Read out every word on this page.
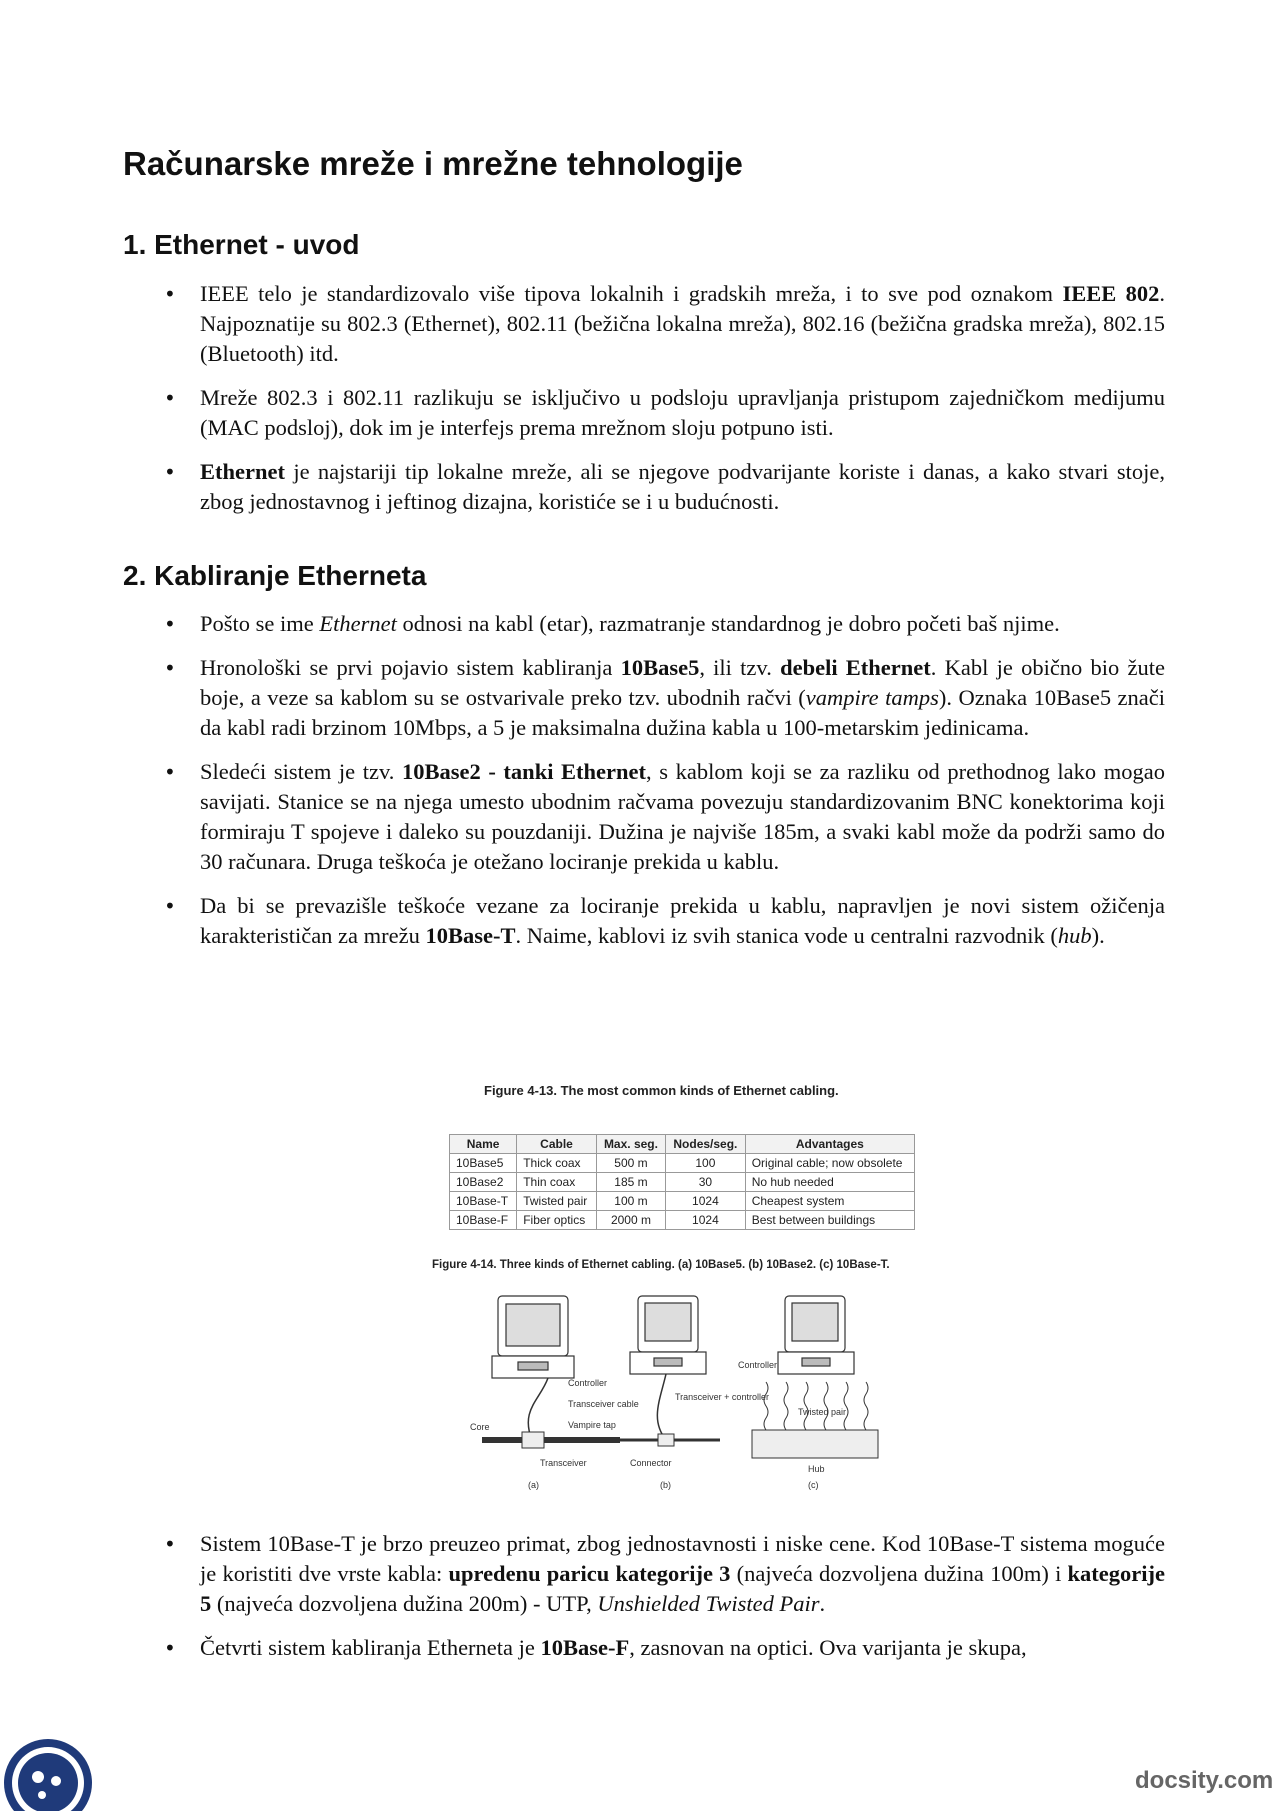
Računarske mreže i mrežne tehnologije
1. Ethernet - uvod

• IEEE telo je standardizovalo više tipova lokalnih i gradskih mreža, i to sve pod oznakom IEEE 802. Najpoznatije su 802.3 (Ethernet), 802.11 (bežična lokalna mreža), 802.16 (bežična gradska mreža), 802.15 (Bluetooth) itd.

• Mreže 802.3 i 802.11 razlikuju se isključivo u podsloju upravljanja pristupom zajedničkom medijumu (MAC podsloj), dok im je interfejs prema mrežnom sloju potpuno isti.

• Ethernet je najstariji tip lokalne mreže, ali se njegove podvarijante koriste i danas, a kako stvari stoje, zbog jednostavnog i jeftinog dizajna, koristiće se i u budućnosti.

2. Kabliranje Etherneta

• Pošto se ime Ethernet odnosi na kabl (etar), razmatranje standardnog je dobro početi baš njime.

• Hronološki se prvi pojavio sistem kabliranja 10Base5, ili tzv. debeli Ethernet. Kabl je obično bio žute boje, a veze sa kablom su se ostvarivale preko tzv. ubodnih račvi (vampire tamps). Oznaka 10Base5 znači da kabl radi brzinom 10Mbps, a 5 je maksimalna dužina kabla u 100-metarskim jedinicama.

• Sledeći sistem je tzv. 10Base2 - tanki Ethernet, s kablom koji se za razliku od prethodnog lako mogao savijati. Stanice se na njega umesto ubodnim račvama povezuju standardizovanim BNC konektorima koji formiraju T spojeve i daleko su pouzdaniji. Dužina je najviše 185m, a svaki kabl može da podrži samo do 30 računara. Druga teškoća je otežano lociranje prekida u kablu.

• Da bi se prevazišle teškoće vezane za lociranje prekida u kablu, napravljen je novi sistem ožičenja karakterističan za mrežu 10Base-T. Naime, kablovi iz svih stanica vode u centralni razvodnik (hub).

Figure 4-13. The most common kinds of Ethernet cabling.
Name	Cable	Max. seg.	Nodes/seg.	Advantages
10Base5	Thick coax	500 m	100	Original cable; now obsolete
10Base2	Thin coax	185 m	30	No hub needed
10Base-T	Twisted pair	100 m	1024	Cheapest system
10Base-F	Fiber optics	2000 m	1024	Best between buildings
Figure 4-14. Three kinds of Ethernet cabling. (a) 10Base5. (b) 10Base2. (c) 10Base-T.
Controller
Transceiver cable
Vampire tap
Core
Transceiver
(a)
Transceiver + controller
Connector
(b)
Controller
Twisted pair
Hub
(c)

• Sistem 10Base-T je brzo preuzeo primat, zbog jednostavnosti i niske cene. Kod 10Base-T sistema moguće je koristiti dve vrste kabla: upredenu paricu kategorije 3 (najveća dozvoljena dužina 100m) i kategorije 5 (najveća dozvoljena dužina 200m) - UTP, Unshielded Twisted Pair.

• Četvrti sistem kabliranja Etherneta je 10Base-F, zasnovan na optici. Ova varijanta je skupa,

docsity.com
